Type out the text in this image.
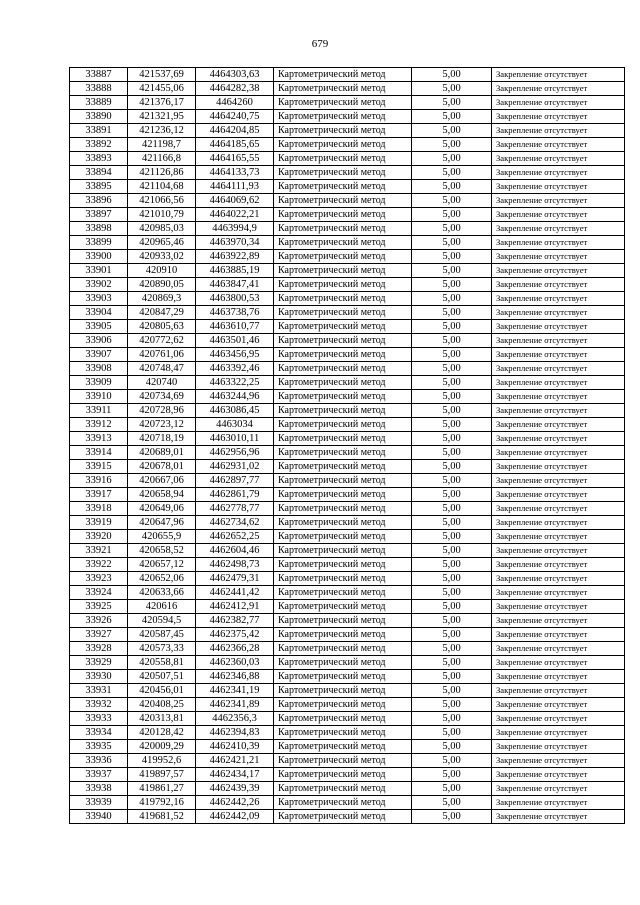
679
33887	421537,69	4464303,63	Картометрический метод	5,00	Закрепление отсутствует
33888	421455,06	4464282,38	Картометрический метод	5,00	Закрепление отсутствует
33889	421376,17	4464260	Картометрический метод	5,00	Закрепление отсутствует
33890	421321,95	4464240,75	Картометрический метод	5,00	Закрепление отсутствует
33891	421236,12	4464204,85	Картометрический метод	5,00	Закрепление отсутствует
33892	421198,7	4464185,65	Картометрический метод	5,00	Закрепление отсутствует
33893	421166,8	4464165,55	Картометрический метод	5,00	Закрепление отсутствует
33894	421126,86	4464133,73	Картометрический метод	5,00	Закрепление отсутствует
33895	421104,68	4464111,93	Картометрический метод	5,00	Закрепление отсутствует
33896	421066,56	4464069,62	Картометрический метод	5,00	Закрепление отсутствует
33897	421010,79	4464022,21	Картометрический метод	5,00	Закрепление отсутствует
33898	420985,03	4463994,9	Картометрический метод	5,00	Закрепление отсутствует
33899	420965,46	4463970,34	Картометрический метод	5,00	Закрепление отсутствует
33900	420933,02	4463922,89	Картометрический метод	5,00	Закрепление отсутствует
33901	420910	4463885,19	Картометрический метод	5,00	Закрепление отсутствует
33902	420890,05	4463847,41	Картометрический метод	5,00	Закрепление отсутствует
33903	420869,3	4463800,53	Картометрический метод	5,00	Закрепление отсутствует
33904	420847,29	4463738,76	Картометрический метод	5,00	Закрепление отсутствует
33905	420805,63	4463610,77	Картометрический метод	5,00	Закрепление отсутствует
33906	420772,62	4463501,46	Картометрический метод	5,00	Закрепление отсутствует
33907	420761,06	4463456,95	Картометрический метод	5,00	Закрепление отсутствует
33908	420748,47	4463392,46	Картометрический метод	5,00	Закрепление отсутствует
33909	420740	4463322,25	Картометрический метод	5,00	Закрепление отсутствует
33910	420734,69	4463244,96	Картометрический метод	5,00	Закрепление отсутствует
33911	420728,96	4463086,45	Картометрический метод	5,00	Закрепление отсутствует
33912	420723,12	4463034	Картометрический метод	5,00	Закрепление отсутствует
33913	420718,19	4463010,11	Картометрический метод	5,00	Закрепление отсутствует
33914	420689,01	4462956,96	Картометрический метод	5,00	Закрепление отсутствует
33915	420678,01	4462931,02	Картометрический метод	5,00	Закрепление отсутствует
33916	420667,06	4462897,77	Картометрический метод	5,00	Закрепление отсутствует
33917	420658,94	4462861,79	Картометрический метод	5,00	Закрепление отсутствует
33918	420649,06	4462778,77	Картометрический метод	5,00	Закрепление отсутствует
33919	420647,96	4462734,62	Картометрический метод	5,00	Закрепление отсутствует
33920	420655,9	4462652,25	Картометрический метод	5,00	Закрепление отсутствует
33921	420658,52	4462604,46	Картометрический метод	5,00	Закрепление отсутствует
33922	420657,12	4462498,73	Картометрический метод	5,00	Закрепление отсутствует
33923	420652,06	4462479,31	Картометрический метод	5,00	Закрепление отсутствует
33924	420633,66	4462441,42	Картометрический метод	5,00	Закрепление отсутствует
33925	420616	4462412,91	Картометрический метод	5,00	Закрепление отсутствует
33926	420594,5	4462382,77	Картометрический метод	5,00	Закрепление отсутствует
33927	420587,45	4462375,42	Картометрический метод	5,00	Закрепление отсутствует
33928	420573,33	4462366,28	Картометрический метод	5,00	Закрепление отсутствует
33929	420558,81	4462360,03	Картометрический метод	5,00	Закрепление отсутствует
33930	420507,51	4462346,88	Картометрический метод	5,00	Закрепление отсутствует
33931	420456,01	4462341,19	Картометрический метод	5,00	Закрепление отсутствует
33932	420408,25	4462341,89	Картометрический метод	5,00	Закрепление отсутствует
33933	420313,81	4462356,3	Картометрический метод	5,00	Закрепление отсутствует
33934	420128,42	4462394,83	Картометрический метод	5,00	Закрепление отсутствует
33935	420009,29	4462410,39	Картометрический метод	5,00	Закрепление отсутствует
33936	419952,6	4462421,21	Картометрический метод	5,00	Закрепление отсутствует
33937	419897,57	4462434,17	Картометрический метод	5,00	Закрепление отсутствует
33938	419861,27	4462439,39	Картометрический метод	5,00	Закрепление отсутствует
33939	419792,16	4462442,26	Картометрический метод	5,00	Закрепление отсутствует
33940	419681,52	4462442,09	Картометрический метод	5,00	Закрепление отсутствует
